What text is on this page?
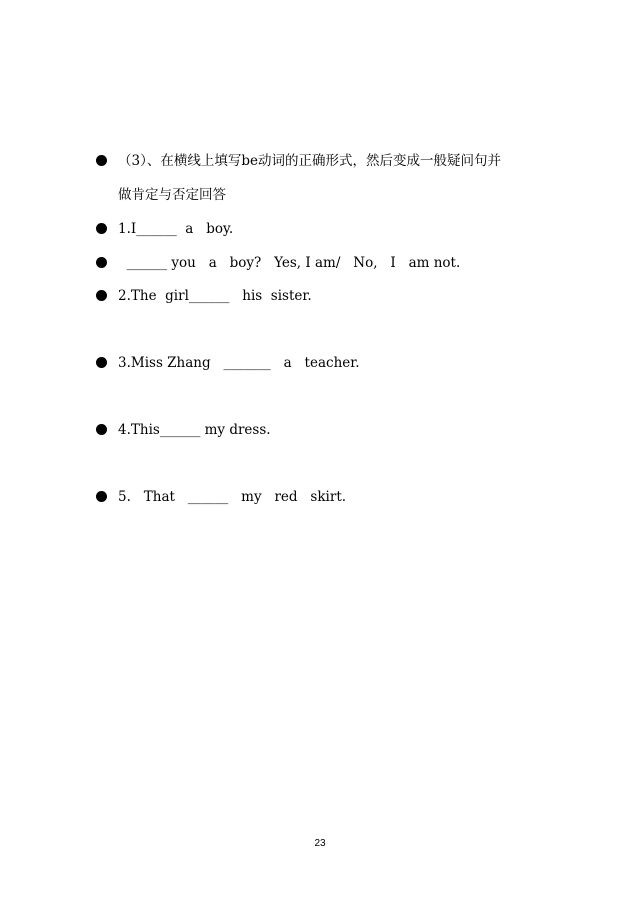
（3）、在横线上填写be动词的正确形式，然后变成一般疑问句并

做肯定与否定回答

1.I______  a   boy.

______ you   a   boy?   Yes, I am/   No,   I   am not.

2.The  girl______   his  sister.

3.Miss Zhang   _______   a   teacher.

4.This______ my dress.

5.   That   ______   my   red   skirt.

23
